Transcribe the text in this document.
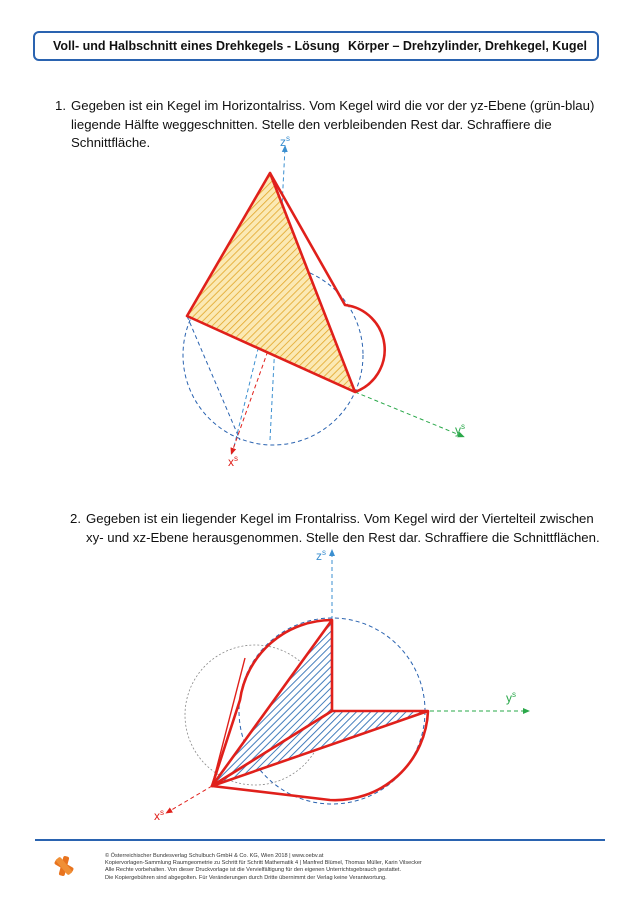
Voll- und Halbschnitt eines Drehkegels - Lösung Körper – Drehzylinder, Drehkegel, Kugel
1. Gegeben ist ein Kegel im Horizontalriss. Vom Kegel wird die vor der yz-Ebene (grün-blau) liegende Hälfte weggeschnitten. Stelle den verbleibenden Rest dar. Schraffiere die Schnittfläche.
2. Gegeben ist ein liegender Kegel im Frontalriss. Vom Kegel wird der Viertelteil zwischen xy- und xz-Ebene herausgenommen. Stelle den Rest dar. Schraffiere die Schnittflächen.
$z^s$
$y^s$
$x^s$
$z^s$
$y^s$
$x^s$
© Österreichischer Bundesverlag Schulbuch GmbH & Co. KG, Wien 2018 | www.oebv.at
Kopiervorlagen-Sammlung Raumgeometrie zu Schritt für Schritt Mathematik 4 | Manfred Blümel, Thomas Müller, Karin Vilsecker
Alle Rechte vorbehalten. Von dieser Druckvorlage ist die Vervielfältigung für den eigenen Unterrichtsgebrauch gestattet.
Die Kopiergebühren sind abgegolten. Für Veränderungen durch Dritte übernimmt der Verlag keine Verantwortung.
